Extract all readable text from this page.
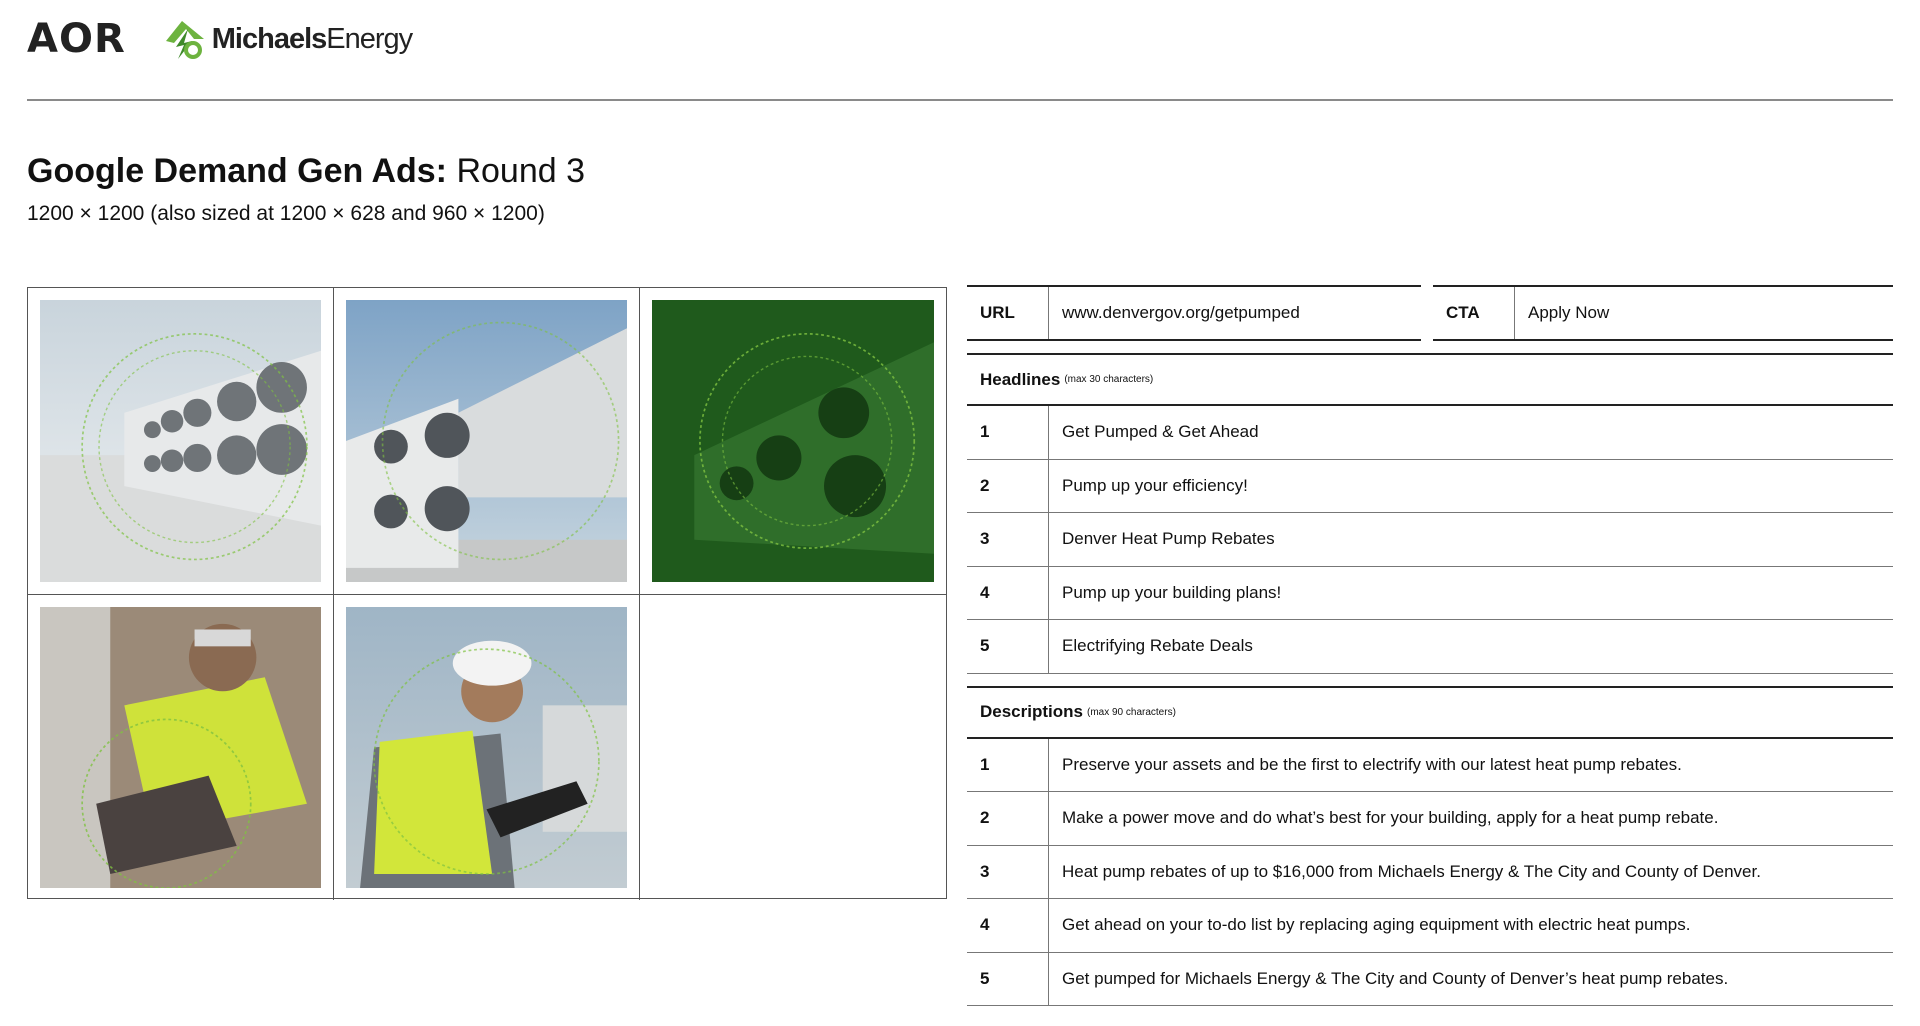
AOR	MichaelsEnergy
Google Demand Gen Ads: Round 3
1200 × 1200 (also sized at 1200 × 628 and 960 × 1200)
URL	www.denvergov.org/getpumped	CTA	Apply Now
Headlines (max 30 characters)
1	Get Pumped & Get Ahead
2	Pump up your efficiency!
3	Denver Heat Pump Rebates
4	Pump up your building plans!
5	Electrifying Rebate Deals
Descriptions (max 90 characters)
1	Preserve your assets and be the first to electrify with our latest heat pump rebates.
2	Make a power move and do what’s best for your building, apply for a heat pump rebate.
3	Heat pump rebates of up to $16,000 from Michaels Energy & The City and County of Denver.
4	Get ahead on your to-do list by replacing aging equipment with electric heat pumps.
5	Get pumped for Michaels Energy & The City and County of Denver’s heat pump rebates.
